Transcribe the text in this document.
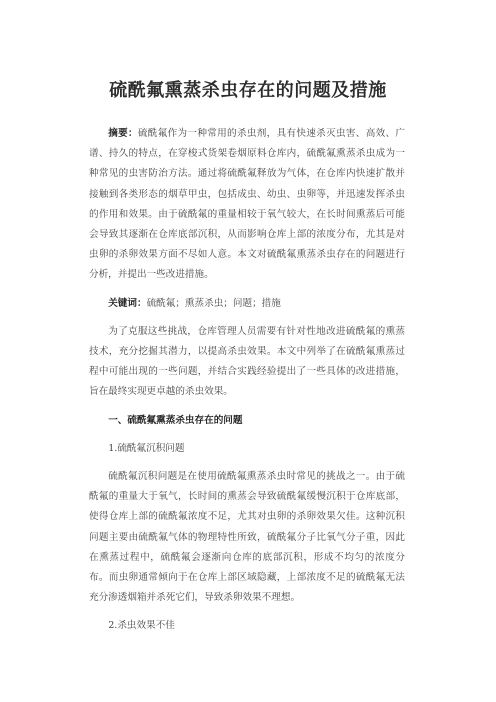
硫酰氟熏蒸杀虫存在的问题及措施

摘要：硫酰氟作为一种常用的杀虫剂，具有快速杀灭虫害、高效、广谱、持久的特点，在穿梭式货架卷烟原料仓库内，硫酰氟熏蒸杀虫成为一种常见的虫害防治方法。通过将硫酰氟释放为气体，在仓库内快速扩散并接触到各类形态的烟草甲虫，包括成虫、幼虫、虫卵等，并迅速发挥杀虫的作用和效果。由于硫酰氟的重量相较于氧气较大，在长时间熏蒸后可能会导致其逐渐在仓库底部沉积，从而影响仓库上部的浓度分布，尤其是对虫卵的杀卵效果方面不尽如人意。本文对硫酰氟熏蒸杀虫存在的问题进行分析，并提出一些改进措施。

关键词：硫酰氟；熏蒸杀虫；问题；措施

为了克服这些挑战，仓库管理人员需要有针对性地改进硫酰氟的熏蒸技术，充分挖掘其潜力，以提高杀虫效果。本文中列举了在硫酰氟熏蒸过程中可能出现的一些问题，并结合实践经验提出了一些具体的改进措施，旨在最终实现更卓越的杀虫效果。

一、硫酰氟熏蒸杀虫存在的问题

1.硫酰氟沉积问题

硫酰氟沉积问题是在使用硫酰氟熏蒸杀虫时常见的挑战之一。由于硫酰氟的重量大于氧气，长时间的熏蒸会导致硫酰氟缓慢沉积于仓库底部，使得仓库上部的硫酰氟浓度不足，尤其对虫卵的杀卵效果欠佳。这种沉积问题主要由硫酰氟气体的物理特性所致，硫酰氟分子比氧气分子重，因此在熏蒸过程中，硫酰氟会逐渐向仓库的底部沉积，形成不均匀的浓度分布。而虫卵通常倾向于在仓库上部区域隐藏，上部浓度不足的硫酰氟无法充分渗透烟箱并杀死它们，导致杀卵效果不理想。

2.杀虫效果不佳
